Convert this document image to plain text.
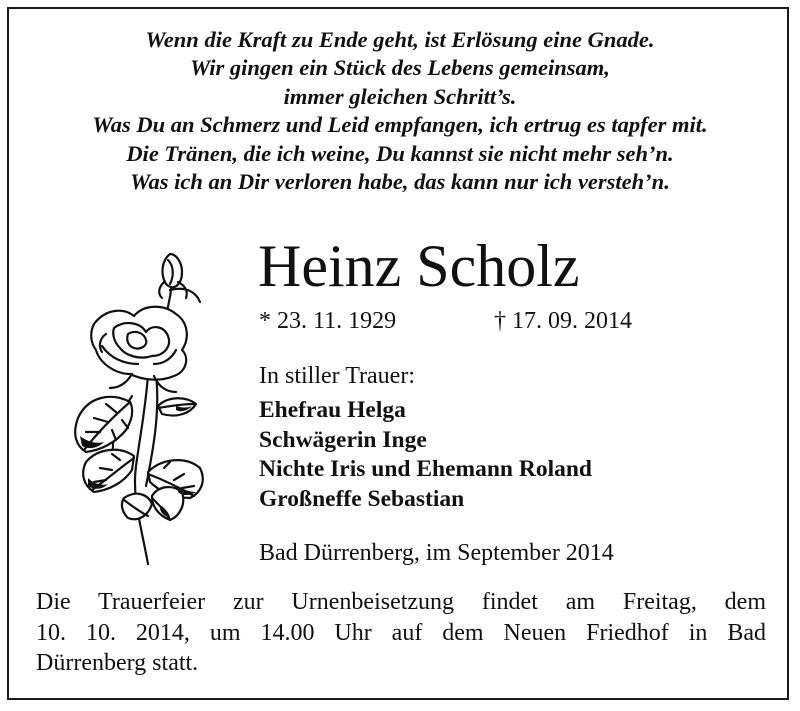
Wenn die Kraft zu Ende geht, ist Erlösung eine Gnade.
Wir gingen ein Stück des Lebens gemeinsam,
immer gleichen Schritt’s.
Was Du an Schmerz und Leid empfangen, ich ertrug es tapfer mit.
Die Tränen, die ich weine, Du kannst sie nicht mehr seh’n.
Was ich an Dir verloren habe, das kann nur ich versteh’n.
Heinz Scholz
* 23. 11. 1929	† 17. 09. 2014
In stiller Trauer:
Ehefrau Helga
Schwägerin Inge
Nichte Iris und Ehemann Roland
Großneffe Sebastian
Bad Dürrenberg, im September 2014
Die Trauerfeier zur Urnenbeisetzung findet am Freitag, dem
10. 10. 2014, um 14.00 Uhr auf dem Neuen Friedhof in Bad
Dürrenberg statt.
